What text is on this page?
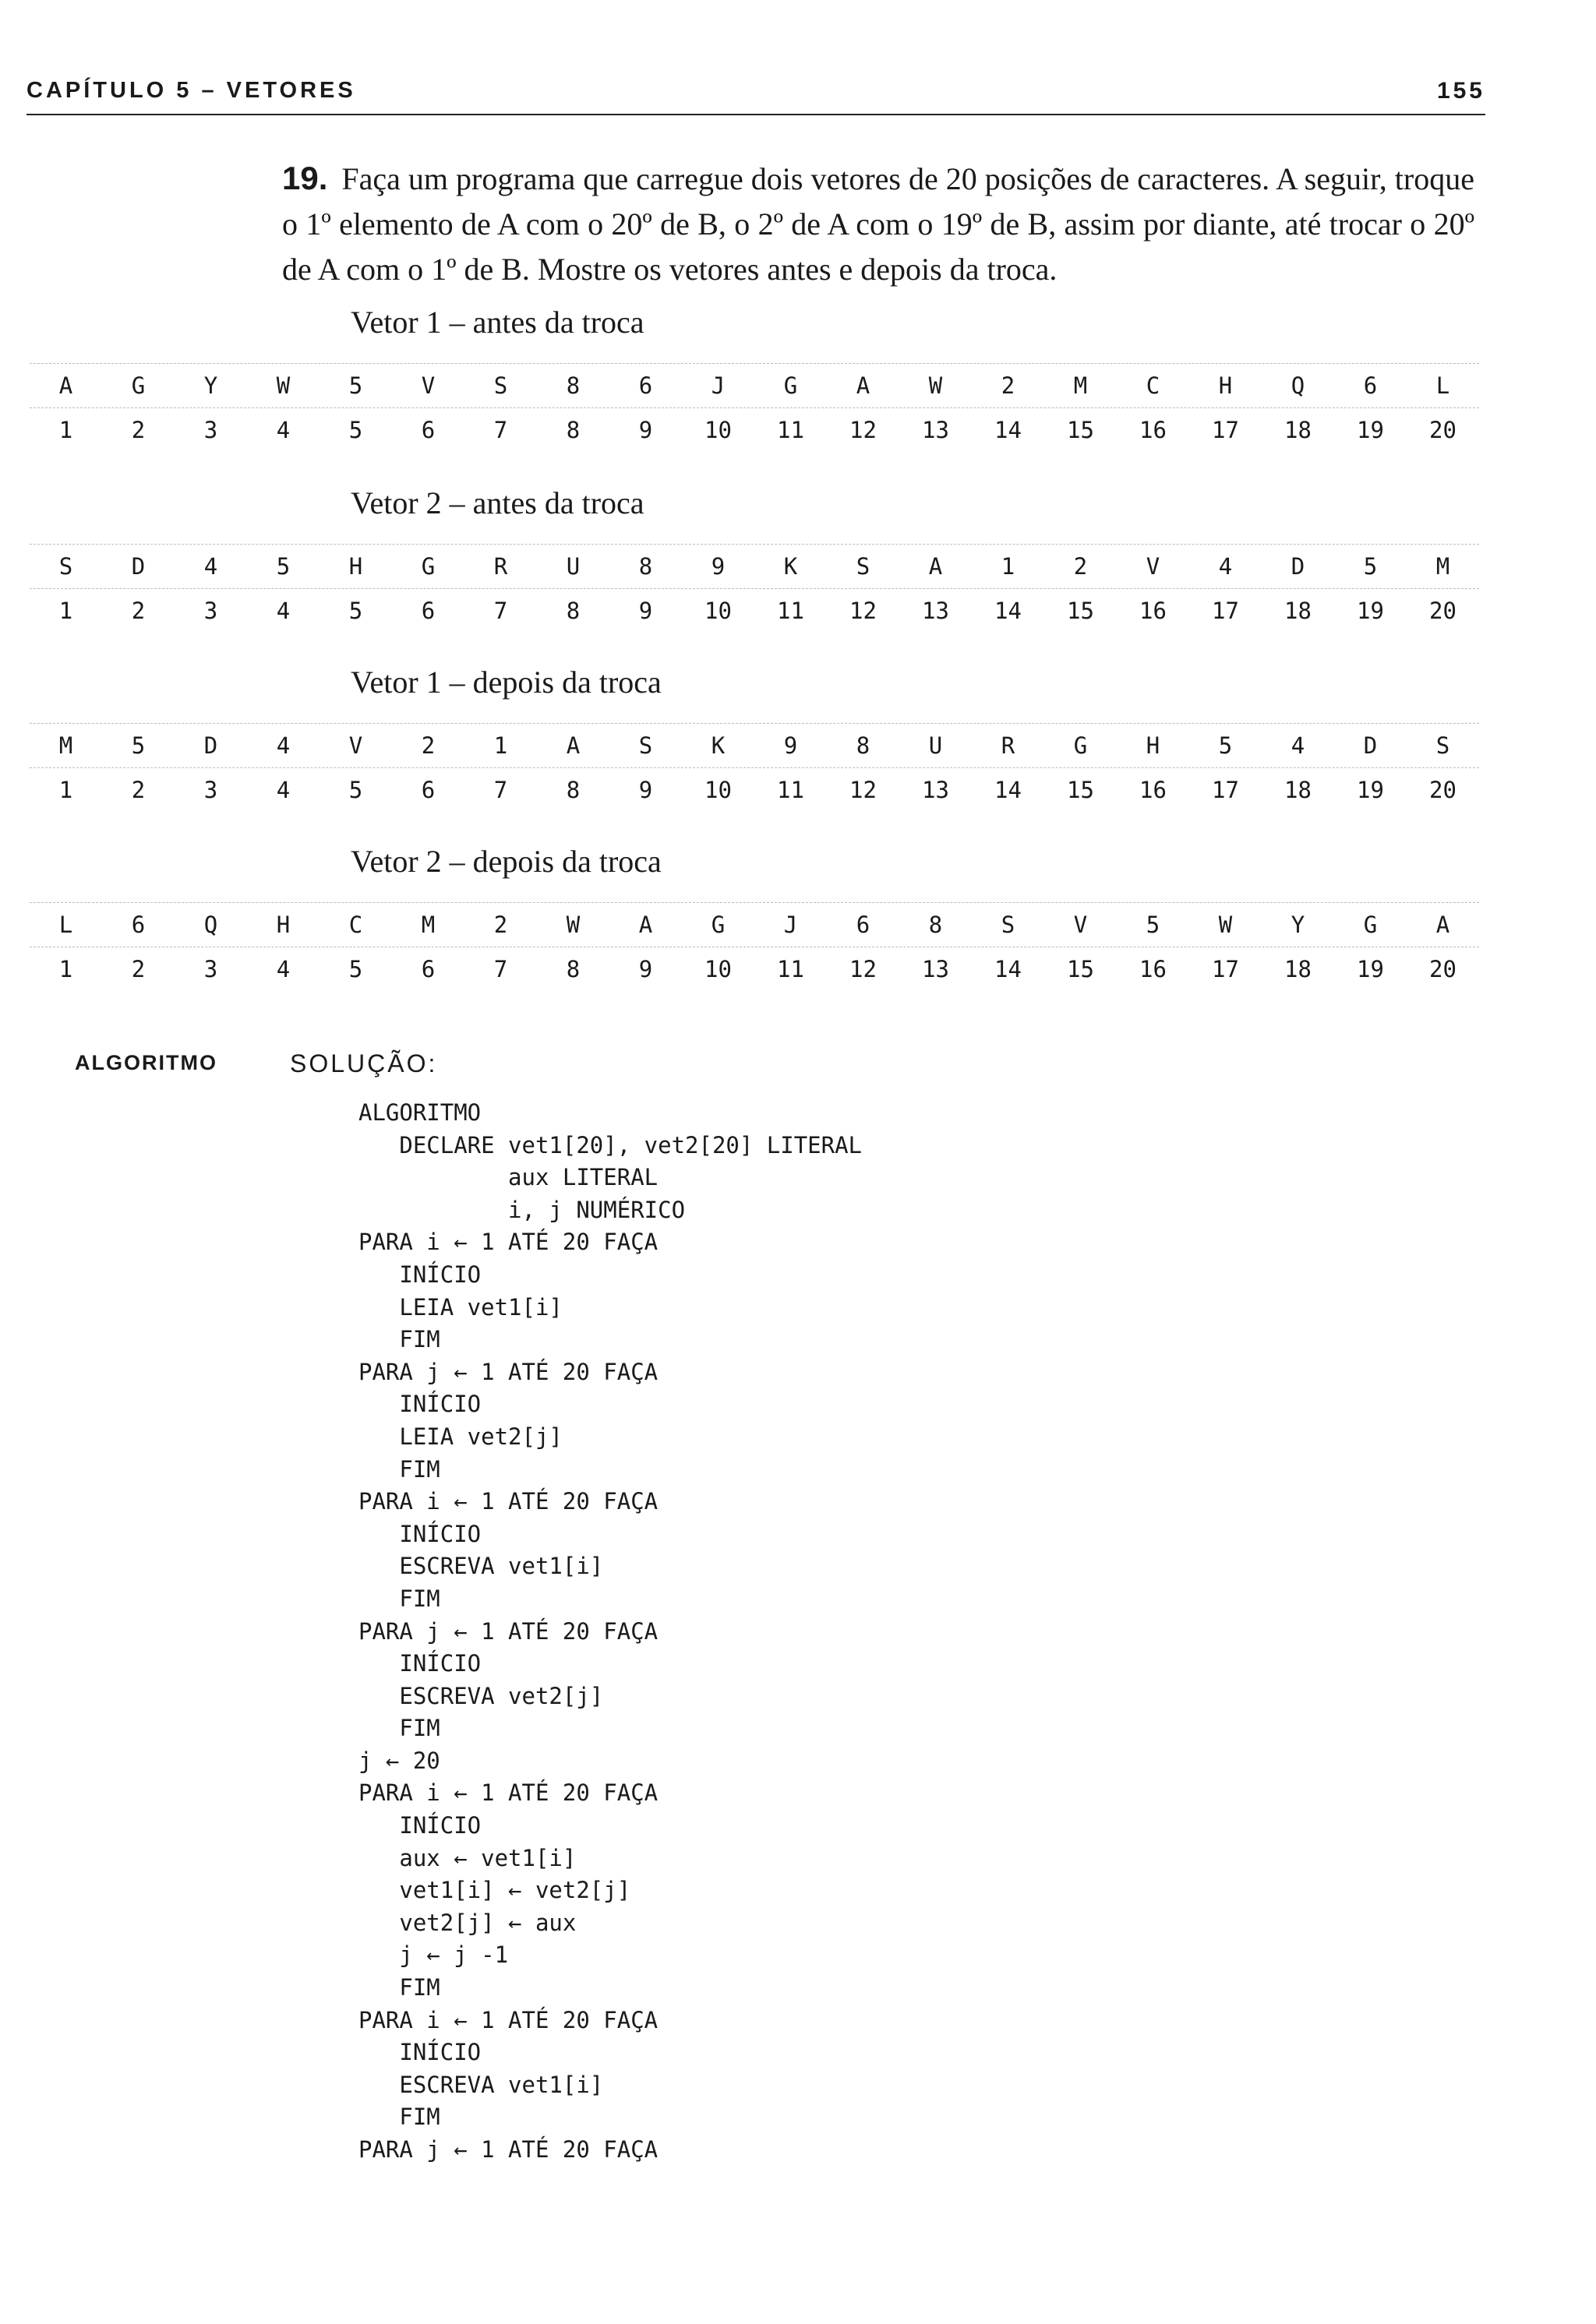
CAPÍTULO 5 – VETORES	155
19. Faça um programa que carregue dois vetores de 20 posições de caracteres. A seguir, troque o 1º elemento de A com o 20º de B, o 2º de A com o 19º de B, assim por diante, até trocar o 20º de A com o 1º de B. Mostre os vetores antes e depois da troca.
Vetor 1 – antes da troca
A	G	Y	W	5	V	S	8	6	J	G	A	W	2	M	C	H	Q	6	L
1	2	3	4	5	6	7	8	9	10	11	12	13	14	15	16	17	18	19	20
Vetor 2 – antes da troca
S	D	4	5	H	G	R	U	8	9	K	S	A	1	2	V	4	D	5	M
1	2	3	4	5	6	7	8	9	10	11	12	13	14	15	16	17	18	19	20
Vetor 1 – depois da troca
M	5	D	4	V	2	1	A	S	K	9	8	U	R	G	H	5	4	D	S
1	2	3	4	5	6	7	8	9	10	11	12	13	14	15	16	17	18	19	20
Vetor 2 – depois da troca
L	6	Q	H	C	M	2	W	A	G	J	6	8	S	V	5	W	Y	G	A
1	2	3	4	5	6	7	8	9	10	11	12	13	14	15	16	17	18	19	20
ALGORITMO	SOLUÇÃO:
ALGORITMO
DECLARE vet1[20], vet2[20] LITERAL
aux LITERAL
i, j NUMÉRICO
PARA i ← 1 ATÉ 20 FAÇA
INÍCIO
LEIA vet1[i]
FIM
PARA j ← 1 ATÉ 20 FAÇA
INÍCIO
LEIA vet2[j]
FIM
PARA i ← 1 ATÉ 20 FAÇA
INÍCIO
ESCREVA vet1[i]
FIM
PARA j ← 1 ATÉ 20 FAÇA
INÍCIO
ESCREVA vet2[j]
FIM
j ← 20
PARA i ← 1 ATÉ 20 FAÇA
INÍCIO
aux ← vet1[i]
vet1[i] ← vet2[j]
vet2[j] ← aux
j ← j -1
FIM
PARA i ← 1 ATÉ 20 FAÇA
INÍCIO
ESCREVA vet1[i]
FIM
PARA j ← 1 ATÉ 20 FAÇA
